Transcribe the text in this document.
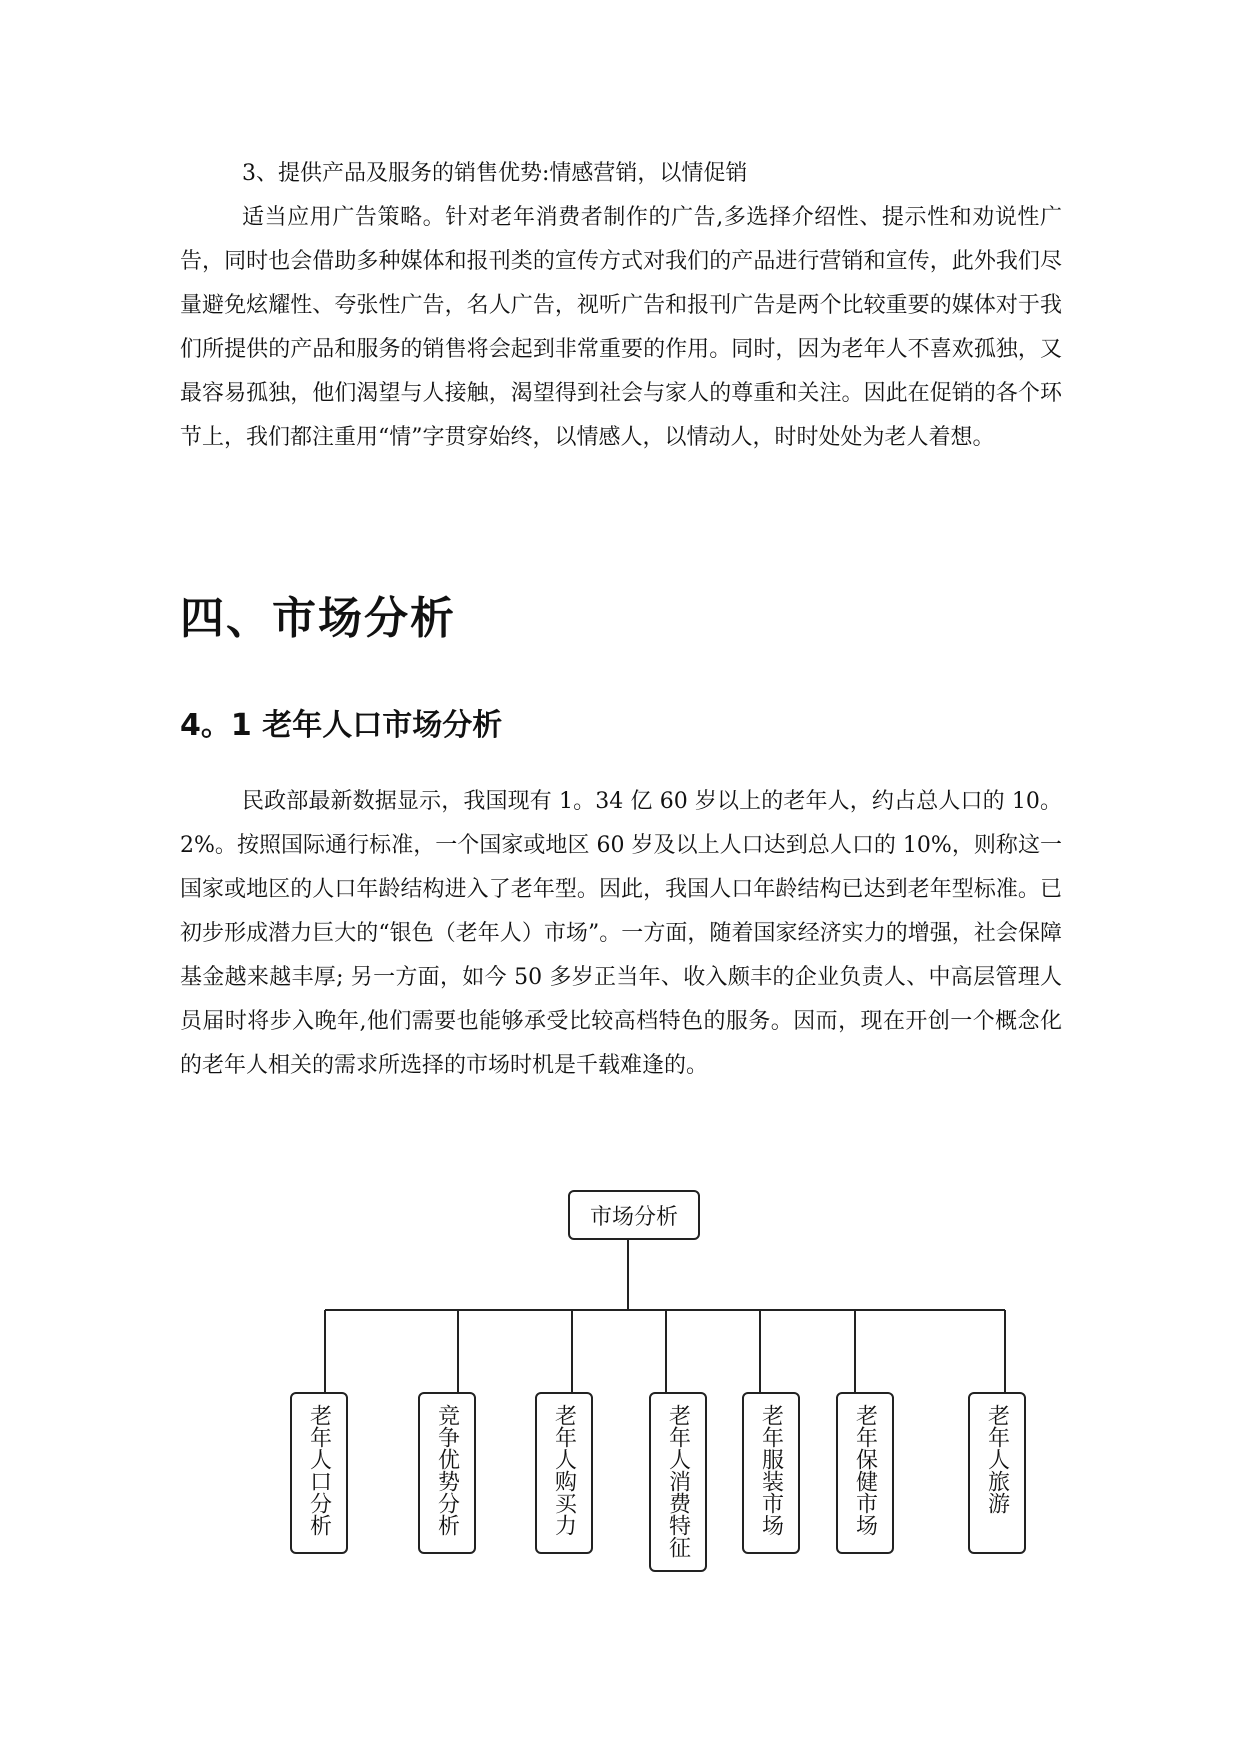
3、提供产品及服务的销售优势:情感营销，以情促销

适当应用广告策略。针对老年消费者制作的广告,多选择介绍性、提示性和劝说性广告，同时也会借助多种媒体和报刊类的宣传方式对我们的产品进行营销和宣传，此外我们尽量避免炫耀性、夸张性广告，名人广告，视听广告和报刊广告是两个比较重要的媒体对于我们所提供的产品和服务的销售将会起到非常重要的作用。同时，因为老年人不喜欢孤独，又最容易孤独，他们渴望与人接触，渴望得到社会与家人的尊重和关注。因此在促销的各个环节上，我们都注重用“情”字贯穿始终，以情感人，以情动人，时时处处为老人着想。

四、市场分析
4。1 老年人口市场分析

民政部最新数据显示，我国现有 1。34 亿 60 岁以上的老年人，约占总人口的 10。2%。按照国际通行标准，一个国家或地区 60 岁及以上人口达到总人口的 10%，则称这一国家或地区的人口年龄结构进入了老年型。因此，我国人口年龄结构已达到老年型标准。已初步形成潜力巨大的“银色（老年人）市场”。一方面，随着国家经济实力的增强，社会保障基金越来越丰厚; 另一方面，如今 50 多岁正当年、收入颇丰的企业负责人、中高层管理人员届时将步入晚年,他们需要也能够承受比较高档特色的服务。因而，现在开创一个概念化的老年人相关的需求所选择的市场时机是千载难逢的。

市场分析
老年人口分析	竞争优势分析	老年人购买力	老年人消费特征	老年服装市场	老年保健市场	老年人旅游
